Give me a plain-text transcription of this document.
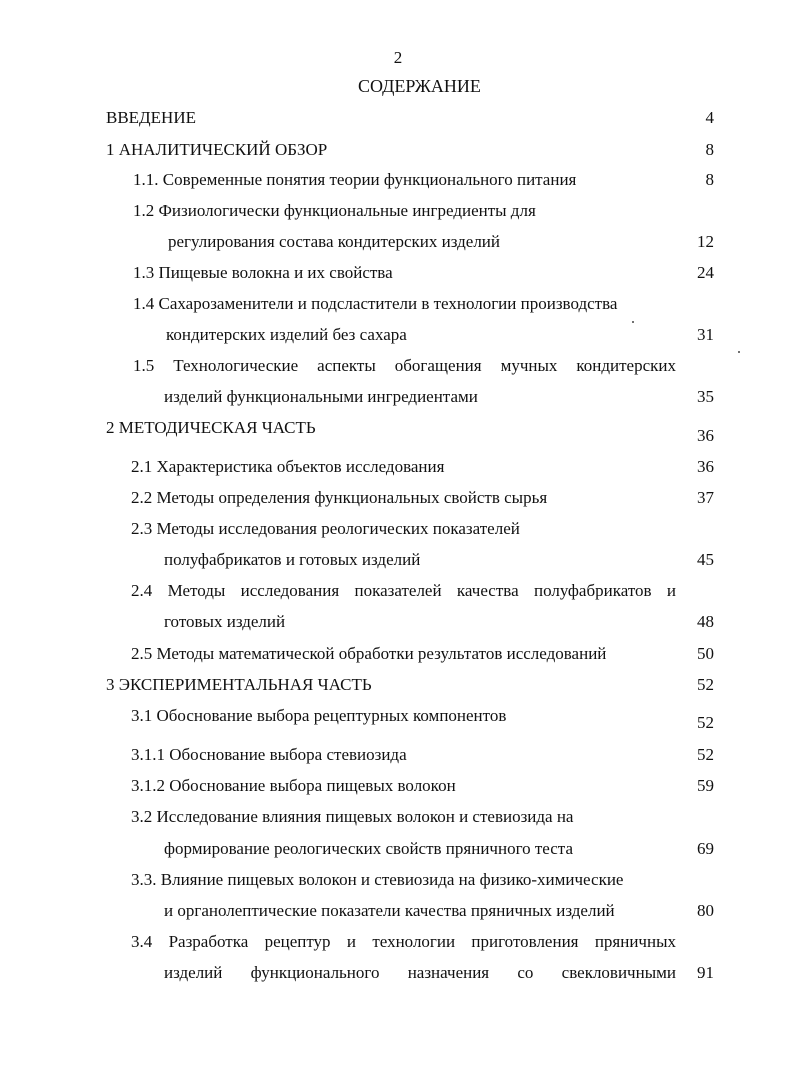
2
СОДЕРЖАНИЕ
ВВЕДЕНИЕ	4
1 АНАЛИТИЧЕСКИЙ ОБЗОР	8
1.1. Современные понятия теории функционального питания	8
1.2 Физиологически функциональные ингредиенты для
регулирования состава кондитерских изделий	12
1.3 Пищевые волокна и их свойства	24
1.4 Сахарозаменители и подсластители в технологии производства
кондитерских изделий без сахара	31
1.5 Технологические аспекты обогащения мучных кондитерских
изделий функциональными ингредиентами	35
2 МЕТОДИЧЕСКАЯ ЧАСТЬ	36
2.1 Характеристика объектов исследования	36
2.2 Методы определения функциональных свойств сырья	37
2.3 Методы исследования реологических показателей
полуфабрикатов и готовых изделий	45
2.4 Методы исследования показателей качества полуфабрикатов и
готовых изделий	48
2.5 Методы математической обработки результатов исследований	50
3 ЭКСПЕРИМЕНТАЛЬНАЯ ЧАСТЬ	52
3.1 Обоснование выбора рецептурных компонентов	52
3.1.1 Обоснование выбора стевиозида	52
3.1.2 Обоснование выбора пищевых волокон	59
3.2 Исследование влияния пищевых волокон и стевиозида на
формирование реологических свойств пряничного теста	69
3.3. Влияние пищевых волокон и стевиозида на физико-химические
и органолептические показатели качества пряничных изделий	80
3.4 Разработка рецептур и технологии приготовления пряничных
изделий функционального назначения со свекловичными	91
